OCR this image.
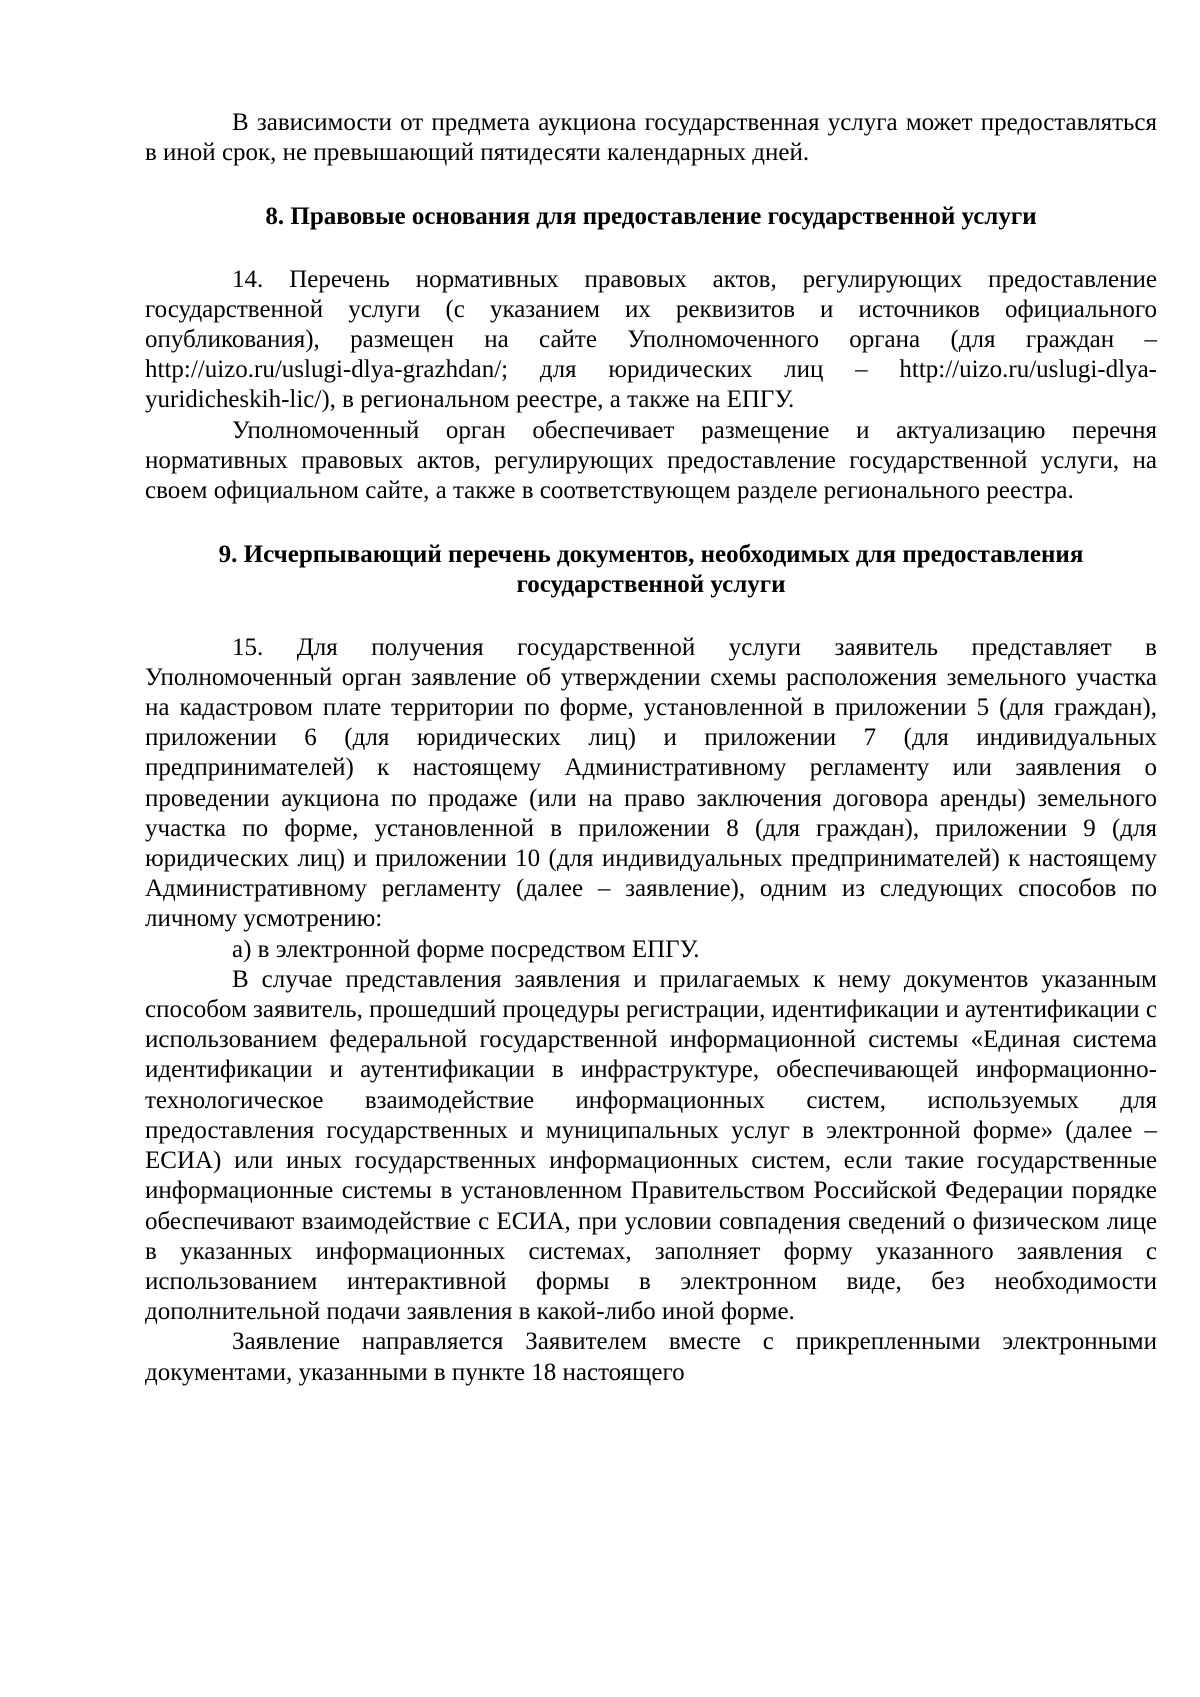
В зависимости от предмета аукциона государственная услуга может предоставляться в иной срок, не превышающий пятидесяти календарных дней.

8. Правовые основания для предоставление государственной услуги

14. Перечень нормативных правовых актов, регулирующих предоставление государственной услуги (с указанием их реквизитов и источников официального опубликования), размещен на сайте Уполномоченного органа (для граждан – http://uizo.ru/uslugi-dlya-grazhdan/; для юридических лиц – http://uizo.ru/uslugi-dlya-yuridicheskih-lic/), в региональном реестре, а также на ЕПГУ.

Уполномоченный орган обеспечивает размещение и актуализацию перечня нормативных правовых актов, регулирующих предоставление государственной услуги, на своем официальном сайте, а также в соответствующем разделе регионального реестра.

9. Исчерпывающий перечень документов, необходимых для предоставления государственной услуги

15. Для получения государственной услуги заявитель представляет в Уполномоченный орган заявление об утверждении схемы расположения земельного участка на кадастровом плате территории по форме, установленной в приложении 5 (для граждан), приложении 6 (для юридических лиц) и приложении 7 (для индивидуальных предпринимателей) к настоящему Административному регламенту или заявления о проведении аукциона по продаже (или на право заключения договора аренды) земельного участка по форме, установленной в приложении 8 (для граждан), приложении 9 (для юридических лиц) и приложении 10 (для индивидуальных предпринимателей) к настоящему Административному регламенту (далее – заявление), одним из следующих способов по личному усмотрению:

а) в электронной форме посредством ЕПГУ.

В случае представления заявления и прилагаемых к нему документов указанным способом заявитель, прошедший процедуры регистрации, идентификации и аутентификации с использованием федеральной государственной информационной системы «Единая система идентификации и аутентификации в инфраструктуре, обеспечивающей информационно-технологическое взаимодействие информационных систем, используемых для предоставления государственных и муниципальных услуг в электронной форме» (далее – ЕСИА) или иных государственных информационных систем, если такие государственные информационные системы в установленном Правительством Российской Федерации порядке обеспечивают взаимодействие с ЕСИА, при условии совпадения сведений о физическом лице в указанных информационных системах, заполняет форму указанного заявления с использованием интерактивной формы в электронном виде, без необходимости дополнительной подачи заявления в какой-либо иной форме.

Заявление направляется Заявителем вместе с прикрепленными электронными документами, указанными в пункте 18 настоящего
